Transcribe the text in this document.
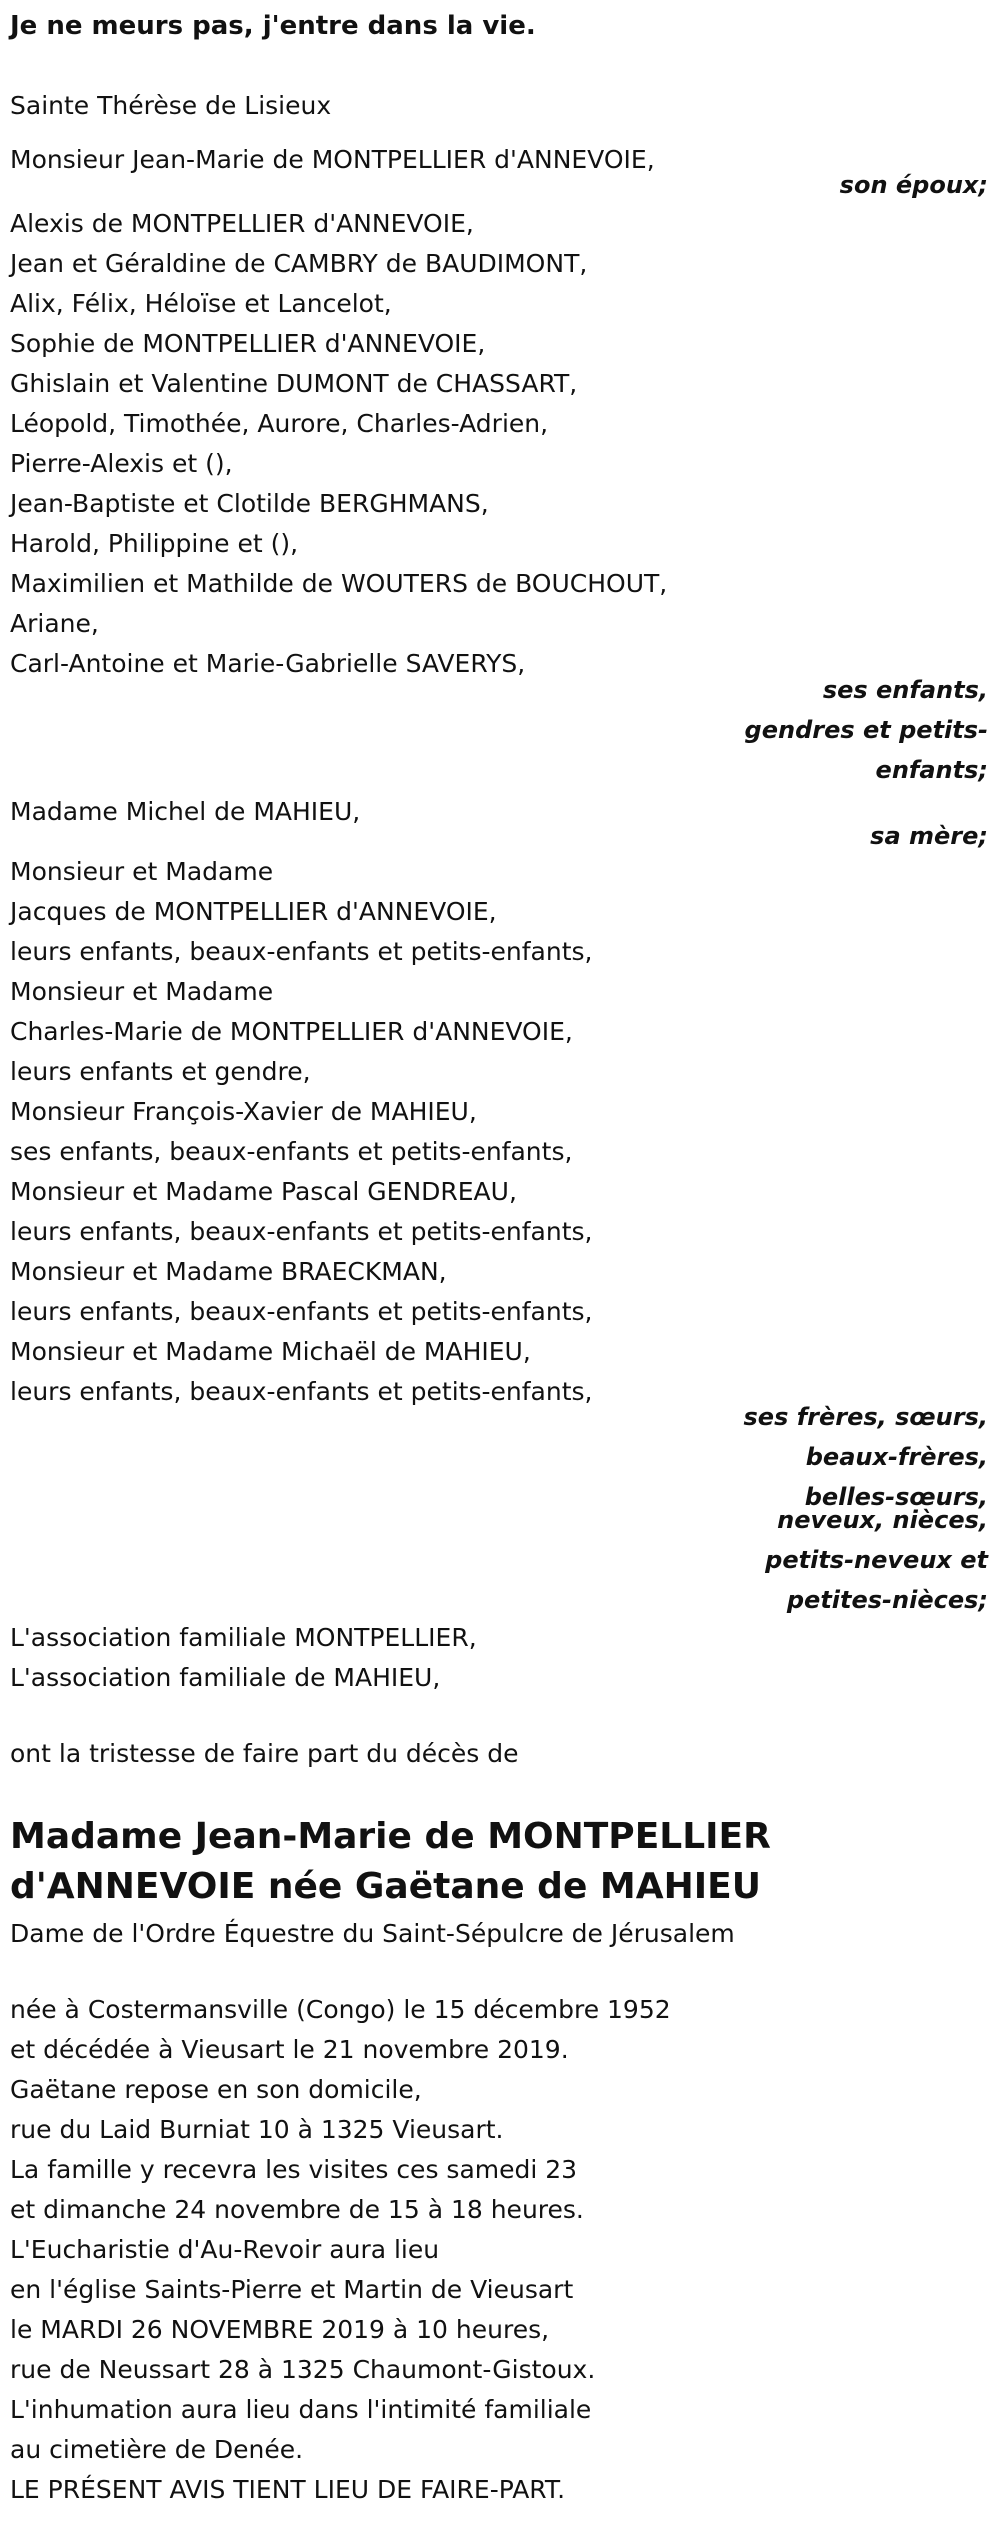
Je ne meurs pas, j'entre dans la vie.
Sainte Thérèse de Lisieux
Monsieur Jean-Marie de MONTPELLIER d'ANNEVOIE,
son époux;
Alexis de MONTPELLIER d'ANNEVOIE,
Jean et Géraldine de CAMBRY de BAUDIMONT,
Alix, Félix, Héloïse et Lancelot,
Sophie de MONTPELLIER d'ANNEVOIE,
Ghislain et Valentine DUMONT de CHASSART,
Léopold, Timothée, Aurore, Charles-Adrien,
Pierre-Alexis et (),
Jean-Baptiste et Clotilde BERGHMANS,
Harold, Philippine et (),
Maximilien et Mathilde de WOUTERS de BOUCHOUT,
Ariane,
Carl-Antoine et Marie-Gabrielle SAVERYS,
ses enfants,
gendres et petits-
enfants;
Madame Michel de MAHIEU,
sa mère;
Monsieur et Madame
Jacques de MONTPELLIER d'ANNEVOIE,
leurs enfants, beaux-enfants et petits-enfants,
Monsieur et Madame
Charles-Marie de MONTPELLIER d'ANNEVOIE,
leurs enfants et gendre,
Monsieur François-Xavier de MAHIEU,
ses enfants, beaux-enfants et petits-enfants,
Monsieur et Madame Pascal GENDREAU,
leurs enfants, beaux-enfants et petits-enfants,
Monsieur et Madame BRAECKMAN,
leurs enfants, beaux-enfants et petits-enfants,
Monsieur et Madame Michaël de MAHIEU,
leurs enfants, beaux-enfants et petits-enfants,
ses frères, sœurs,
beaux-frères,
belles-sœurs,
neveux, nièces,
petits-neveux et
petites-nièces;
L'association familiale MONTPELLIER,
L'association familiale de MAHIEU,
ont la tristesse de faire part du décès de
Madame Jean-Marie de MONTPELLIER
d'ANNEVOIE née Gaëtane de MAHIEU
Dame de l'Ordre Équestre du Saint-Sépulcre de Jérusalem
née à Costermansville (Congo) le 15 décembre 1952
et décédée à Vieusart le 21 novembre 2019.
Gaëtane repose en son domicile,
rue du Laid Burniat 10 à 1325 Vieusart.
La famille y recevra les visites ces samedi 23
et dimanche 24 novembre de 15 à 18 heures.
L'Eucharistie d'Au-Revoir aura lieu
en l'église Saints-Pierre et Martin de Vieusart
le MARDI 26 NOVEMBRE 2019 à 10 heures,
rue de Neussart 28 à 1325 Chaumont-Gistoux.
L'inhumation aura lieu dans l'intimité familiale
au cimetière de Denée.
LE PRÉSENT AVIS TIENT LIEU DE FAIRE-PART.
